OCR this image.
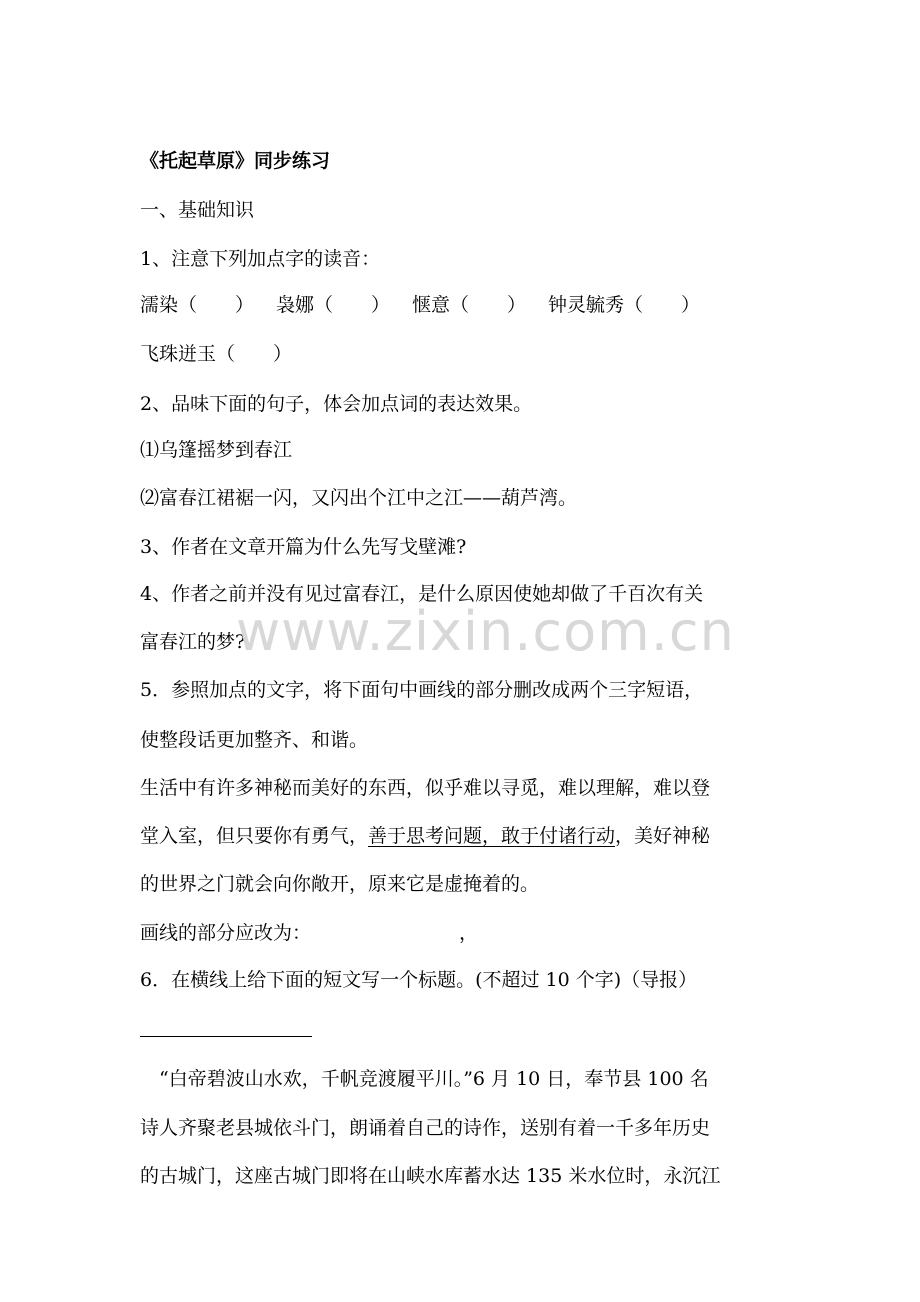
《托起草原》同步练习
一、基础知识
1、注意下列加点字的读音：
濡染（　　） 袅娜（　　） 惬意（　　） 钟灵毓秀（　　）
飞珠迸玉（　　）
2、品味下面的句子，体会加点词的表达效果。
⑴乌篷摇梦到春江
⑵富春江裙裾一闪，又闪出个江中之江——葫芦湾。
3、作者在文章开篇为什么先写戈壁滩?
4、作者之前并没有见过富春江，是什么原因使她却做了千百次有关
富春江的梦?
5．参照加点的文字，将下面句中画线的部分删改成两个三字短语，
使整段话更加整齐、和谐。
生活中有许多神秘而美好的东西，似乎难以寻觅，难以理解，难以登
堂入室，但只要你有勇气，善于思考问题，敢于付诸行动，美好神秘
的世界之门就会向你敞开，原来它是虚掩着的。
画线的部分应改为：	，
6．在横线上给下面的短文写一个标题。(不超过 10 个字)（导报）
“白帝碧波山水欢，千帆竞渡履平川。”6 月 10 日，奉节县 100 名
诗人齐聚老县城依斗门，朗诵着自己的诗作，送别有着一千多年历史
的古城门，这座古城门即将在山峡水库蓄水达 135 米水位时，永沉江
www.zixin.com.cn
